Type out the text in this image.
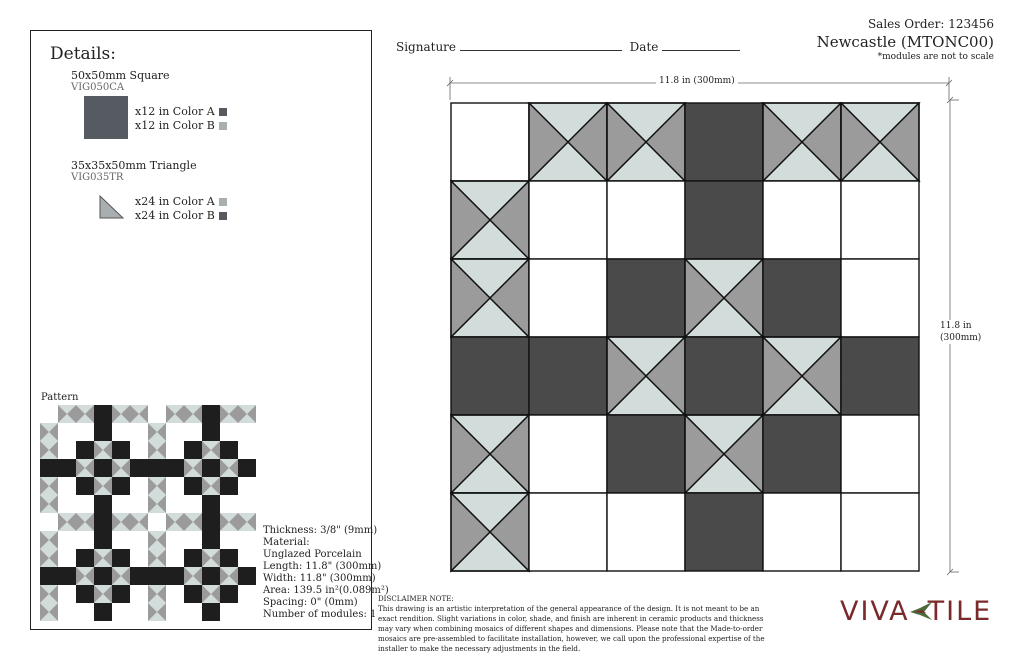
Details:
50x50mm Square
VIG050CA
x12 in Color A
x12 in Color B
35x35x50mm Triangle
VIG035TR
x24 in Color A
x24 in Color B
Pattern
Thickness: 3/8" (9mm)
Material:
Unglazed Porcelain
Length: 11.8" (300mm)
Width: 11.8" (300mm)
Area: 139.5 in²(0.089m²)
Spacing: 0" (0mm)
Number of modules: 1
Signature	Date
Sales Order: 123456
Newcastle (MTONC00)
*modules are not to scale
11.8 in (300mm)
11.8 in
(300mm)
DISCLAIMER NOTE:
This drawing is an artistic interpretation of the general appearance of the design. It is not meant to be an exact rendition. Slight variations in color, shade, and finish are inherent in ceramic products and thickness may vary when combining mosaics of different shapes and dimensions. Please note that the Made-to-order mosaics are pre-assembled to facilitate installation, however, we call upon the professional expertise of the installer to make the necessary adjustments in the field.
VIVA TILE
